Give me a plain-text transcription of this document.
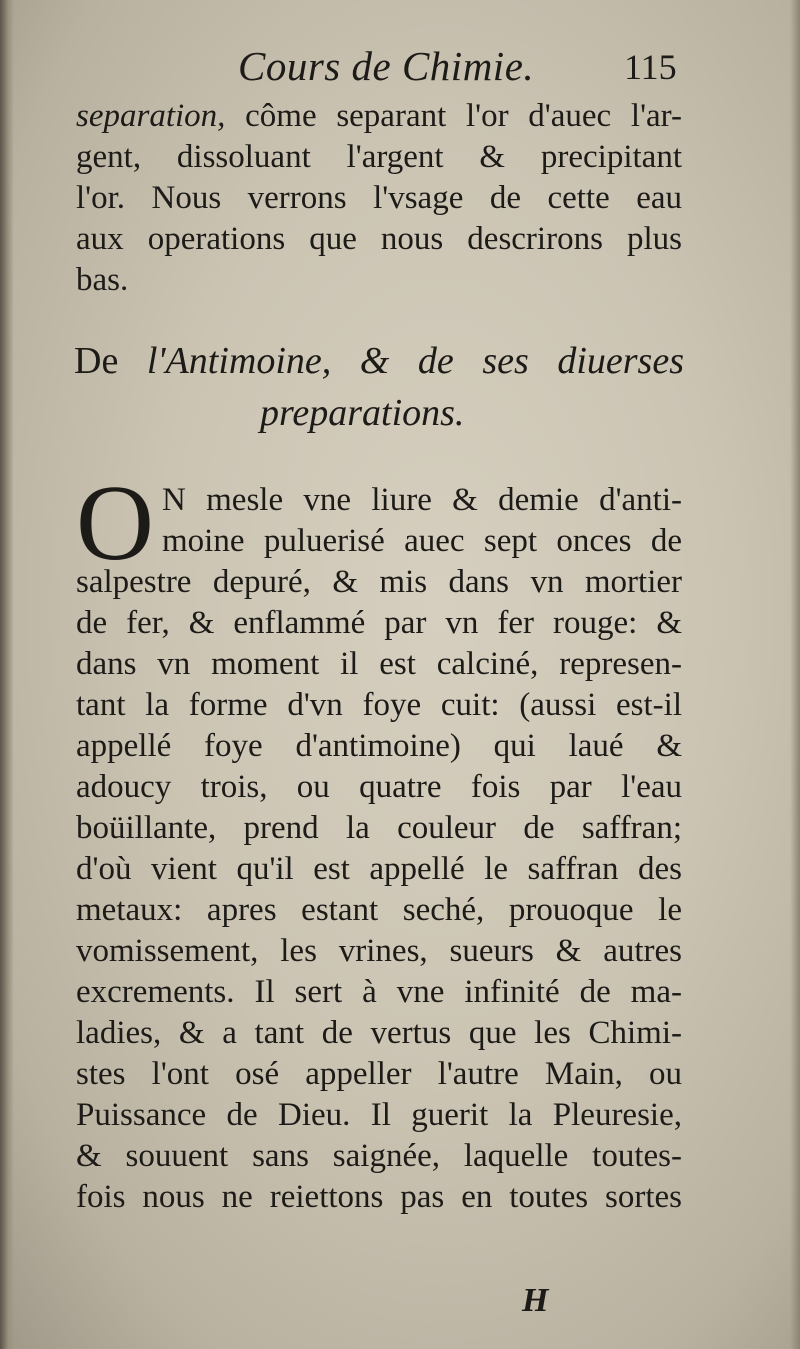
Cours de Chimie. 115
separation, côme separant l'or d'auec l'ar-
gent, dissoluant l'argent & precipitant
l'or. Nous verrons l'vsage de cette eau
aux operations que nous descrirons plus
bas.
De l'Antimoine, & de ses diuerses
preparations.
O N mesle vne liure & demie d'anti-
moine puluerisé auec sept onces de
salpestre depuré, & mis dans vn mortier
de fer, & enflammé par vn fer rouge: &
dans vn moment il est calciné, represen-
tant la forme d'vn foye cuit: (aussi est-il
appellé foye d'antimoine) qui laué &
adoucy trois, ou quatre fois par l'eau
boüillante, prend la couleur de saffran;
d'où vient qu'il est appellé le saffran des
metaux: apres estant seché, prouoque le
vomissement, les vrines, sueurs & autres
excrements. Il sert à vne infinité de ma-
ladies, & a tant de vertus que les Chimi-
stes l'ont osé appeller l'autre Main, ou
Puissance de Dieu. Il guerit la Pleuresie,
& souuent sans saignée, laquelle toutes-
fois nous ne reiettons pas en toutes sortes
H
